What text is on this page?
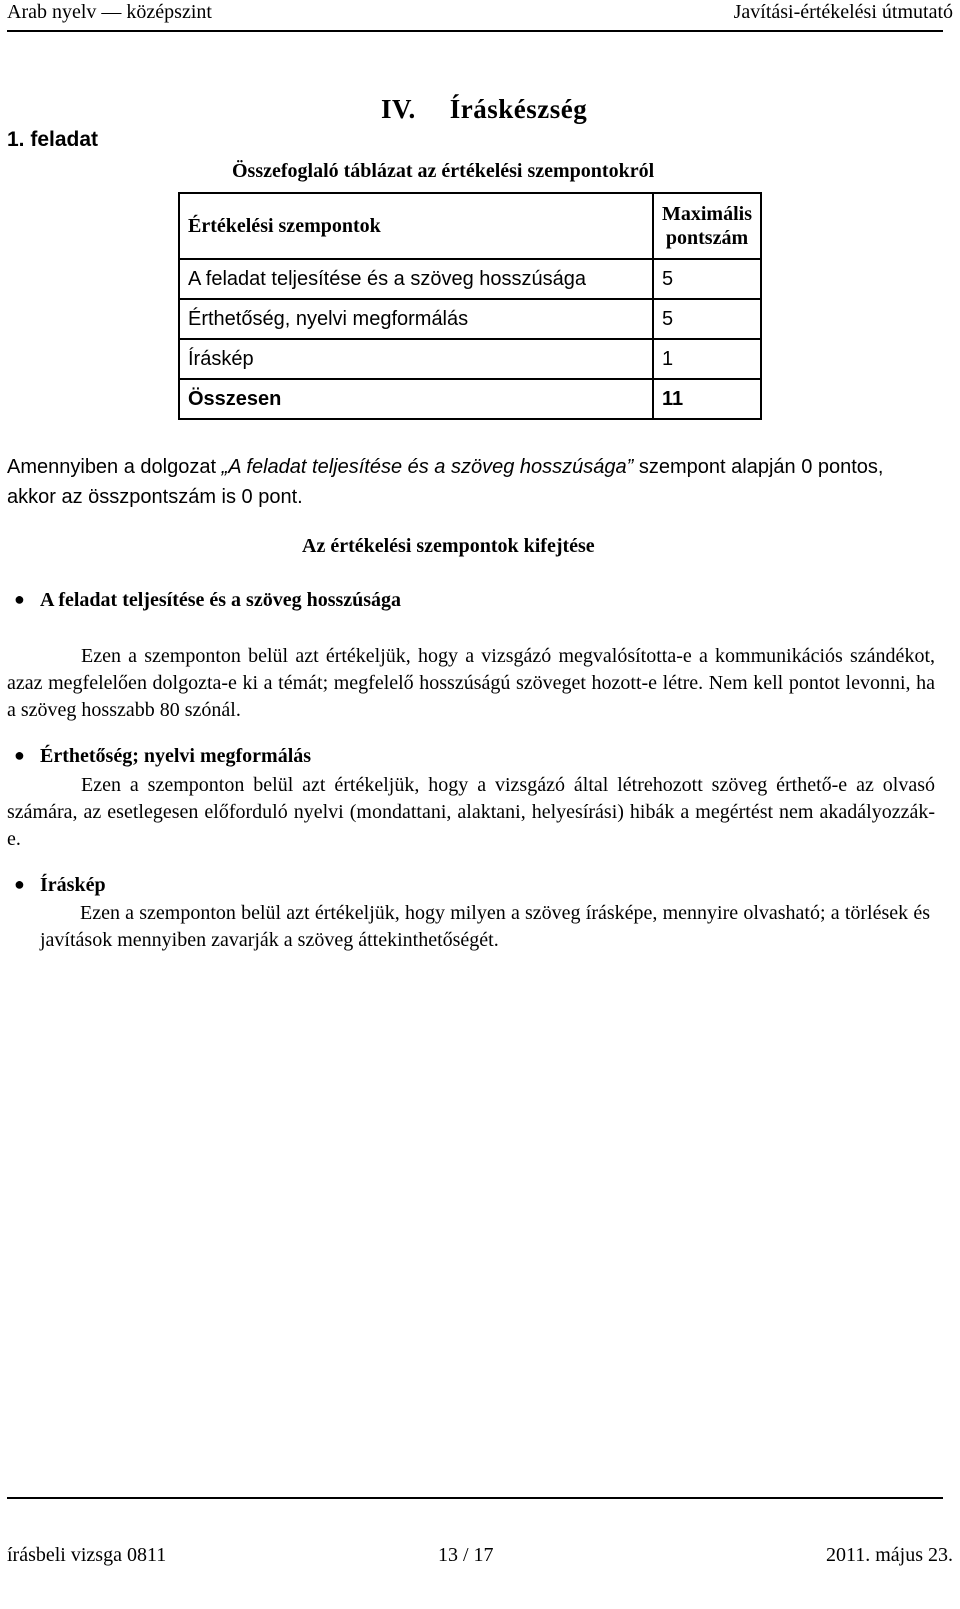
Arab nyelv — középszint	Javítási-értékelési útmutató
1. feladat
IV. Íráskészség
Összefoglaló táblázat az értékelési szempontokról
Értékelési szempontok	Maximális pontszám
A feladat teljesítése és a szöveg hosszúsága	5
Érthetőség, nyelvi megformálás	5
Íráskép	1
Összesen	11
Amennyiben a dolgozat „A feladat teljesítése és a szöveg hosszúsága” szempont alapján 0 pontos, akkor az összpontszám is 0 pont.
Az értékelési szempontok kifejtése
● A feladat teljesítése és a szöveg hosszúsága
Ezen a szemponton belül azt értékeljük, hogy a vizsgázó megvalósította-e a kommunikációs szándékot, azaz megfelelően dolgozta-e ki a témát; megfelelő hosszúságú szöveget hozott-e létre. Nem kell pontot levonni, ha a szöveg hosszabb 80 szónál.
● Érthetőség; nyelvi megformálás
Ezen a szemponton belül azt értékeljük, hogy a vizsgázó által létrehozott szöveg érthető-e az olvasó számára, az esetlegesen előforduló nyelvi (mondattani, alaktani, helyesírási) hibák a megértést nem akadályozzák-e.
● Íráskép
Ezen a szemponton belül azt értékeljük, hogy milyen a szöveg írásképe, mennyire olvasható; a törlések és javítások mennyiben zavarják a szöveg áttekinthetőségét.
írásbeli vizsga 0811	13 / 17	2011. május 23.
